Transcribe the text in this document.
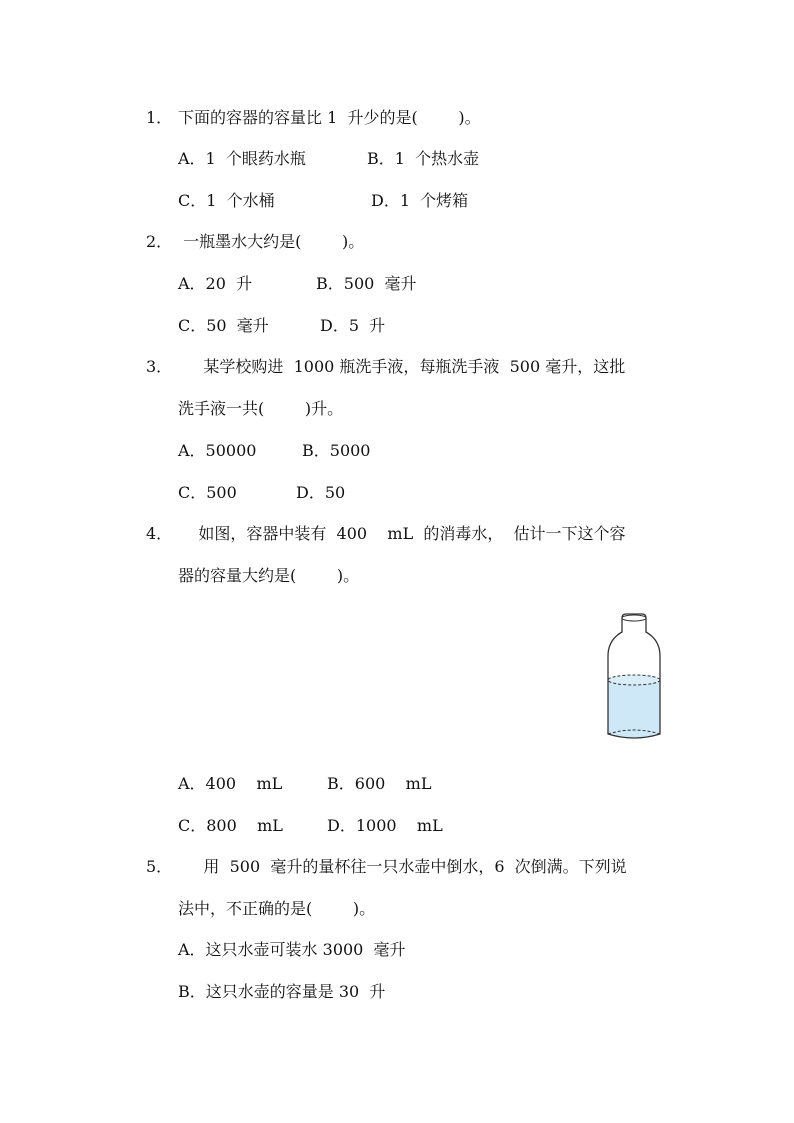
1． 下面的容器的容量比 1  升少的是(        )。
A．1  个眼药水瓶	B．1  个热水壶
C．1  个水桶	D．1  个烤箱
2． 一瓶墨水大约是(        )。
A．20  升	B．500  毫升
C．50  毫升	D．5  升
3． 某学校购进  1000 瓶洗手液，每瓶洗手液  500 毫升，这批
洗手液一共(        )升。
A．50000	B．5000
C．500	D．50
4． 如图，容器中装有  400    mL  的消毒水，  估计一下这个容
器的容量大约是(        )。
A．400    mL	B．600    mL
C．800    mL	D．1000    mL
5． 用  500  毫升的量杯往一只水壶中倒水，6  次倒满。下列说
法中，不正确的是(        )。
A．这只水壶可装水 3000  毫升
B．这只水壶的容量是 30  升
